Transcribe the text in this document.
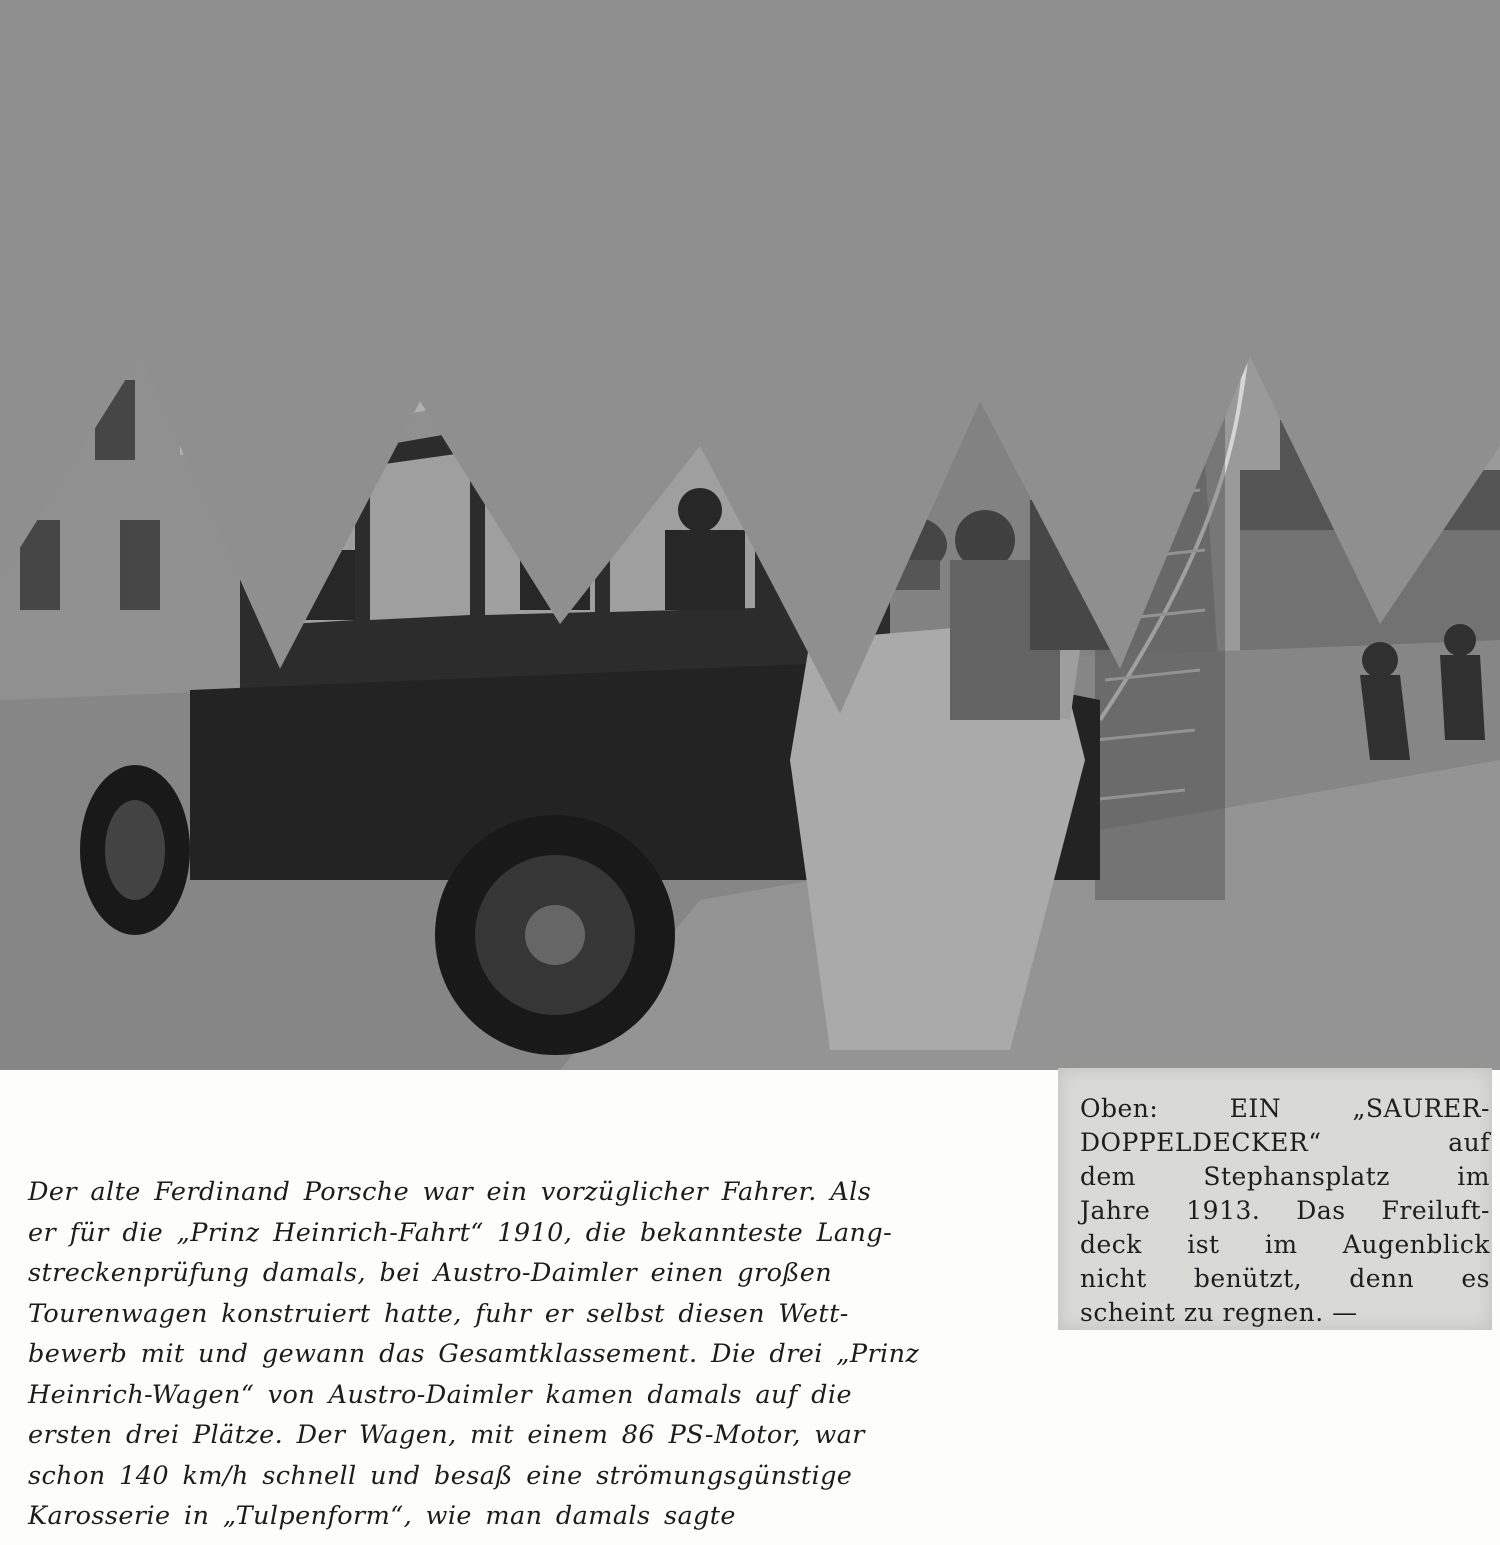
Oben: EIN „SAURER-
DOPPELDECKER“ auf
dem Stephansplatz im
Jahre 1913. Das Freiluft-
deck ist im Augenblick
nicht benützt, denn es
scheint zu regnen. —

Der alte Ferdinand Porsche war ein vorzüglicher Fahrer. Als
er für die „Prinz Heinrich-Fahrt“ 1910, die bekannteste Lang-
streckenprüfung damals, bei Austro-Daimler einen großen
Tourenwagen konstruiert hatte, fuhr er selbst diesen Wett-
bewerb mit und gewann das Gesamtklassement. Die drei „Prinz
Heinrich-Wagen“ von Austro-Daimler kamen damals auf die
ersten drei Plätze. Der Wagen, mit einem 86 PS-Motor, war
schon 140 km/h schnell und besaß eine strömungsgünstige
Karosserie in „Tulpenform“, wie man damals sagte
